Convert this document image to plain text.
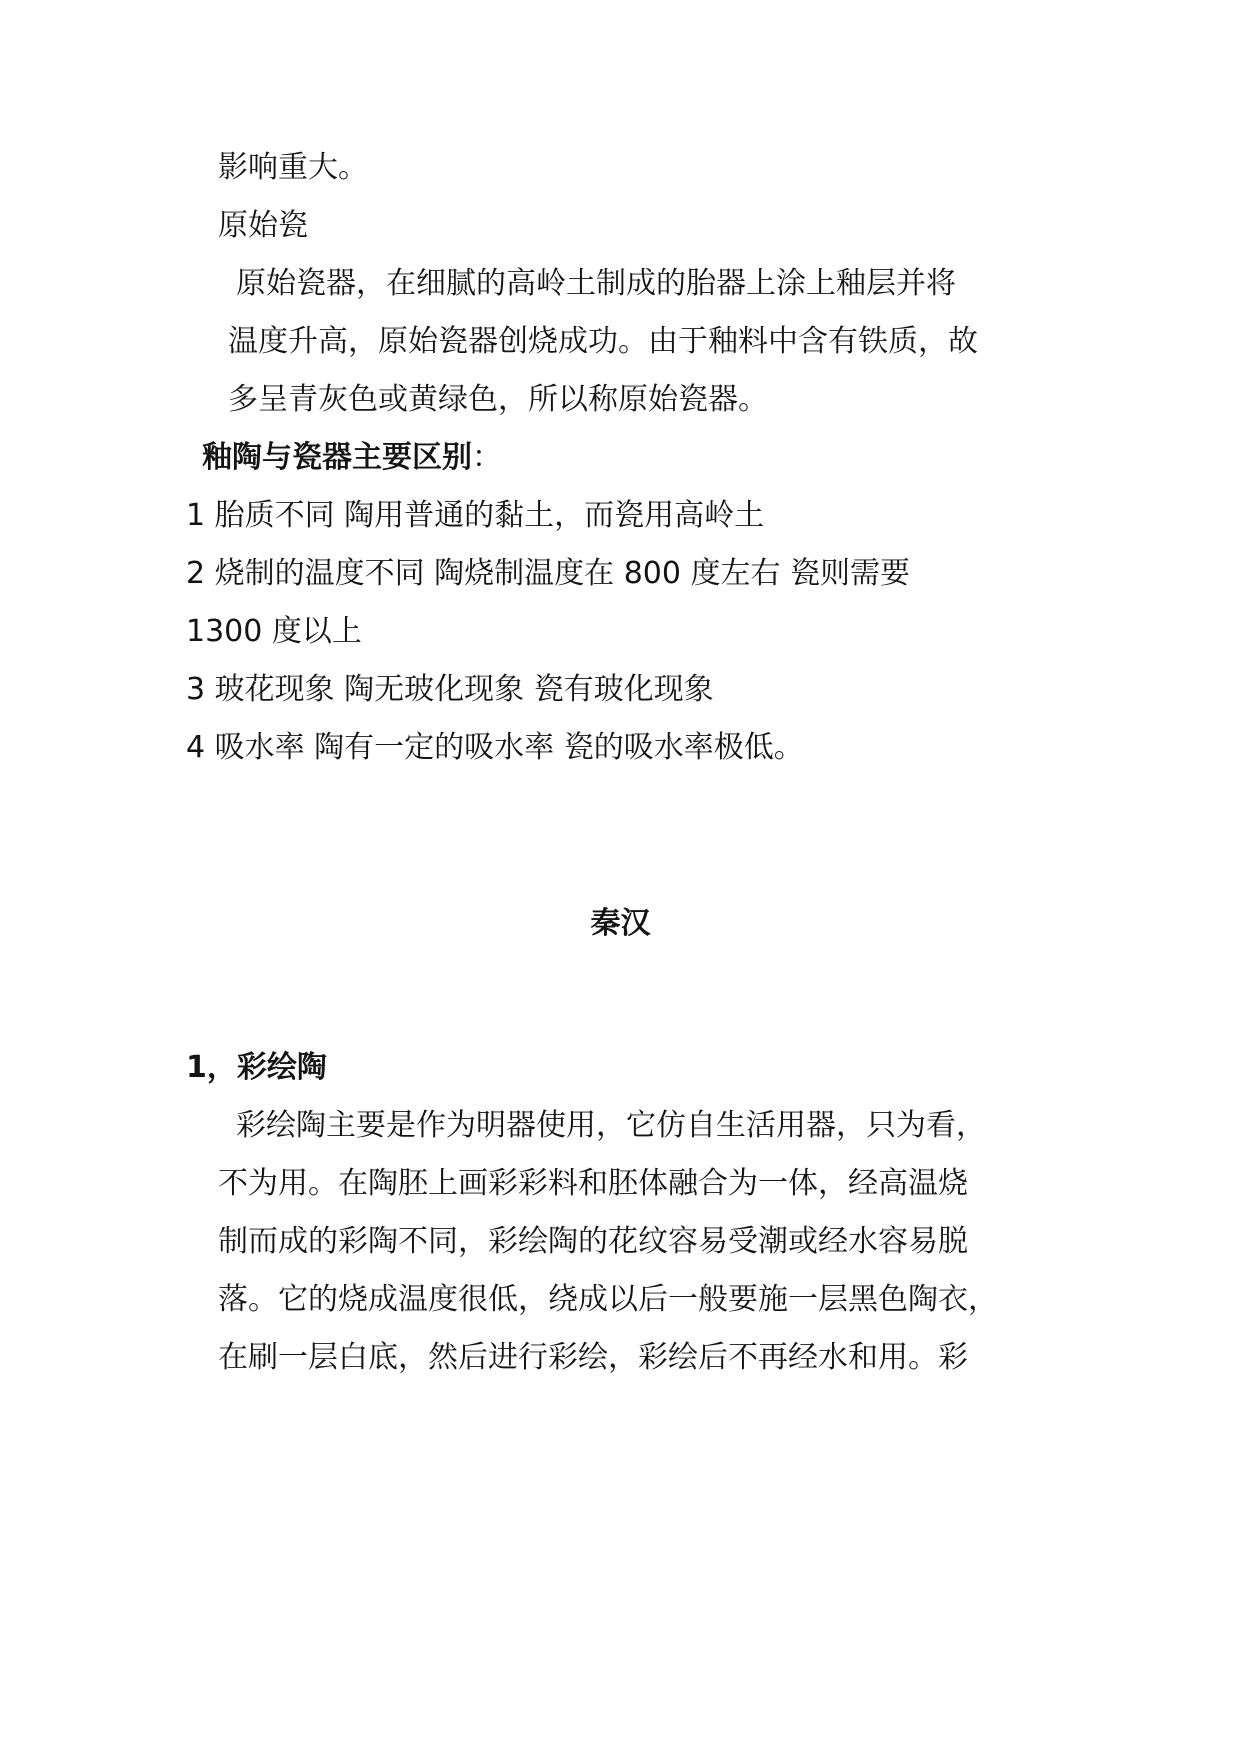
影响重大。
原始瓷
原始瓷器，在细腻的高岭土制成的胎器上涂上釉层并将
温度升高，原始瓷器创烧成功。由于釉料中含有铁质，故
多呈青灰色或黄绿色，所以称原始瓷器。
釉陶与瓷器主要区别：
1 胎质不同 陶用普通的黏土，而瓷用高岭土
2 烧制的温度不同 陶烧制温度在 800 度左右 瓷则需要
1300 度以上
3 玻花现象 陶无玻化现象 瓷有玻化现象
4 吸水率 陶有一定的吸水率 瓷的吸水率极低。
秦汉
1，彩绘陶
彩绘陶主要是作为明器使用，它仿自生活用器，只为看，
不为用。在陶胚上画彩彩料和胚体融合为一体，经高温烧
制而成的彩陶不同，彩绘陶的花纹容易受潮或经水容易脱
落。它的烧成温度很低，绕成以后一般要施一层黑色陶衣，
在刷一层白底，然后进行彩绘，彩绘后不再经水和用。彩
